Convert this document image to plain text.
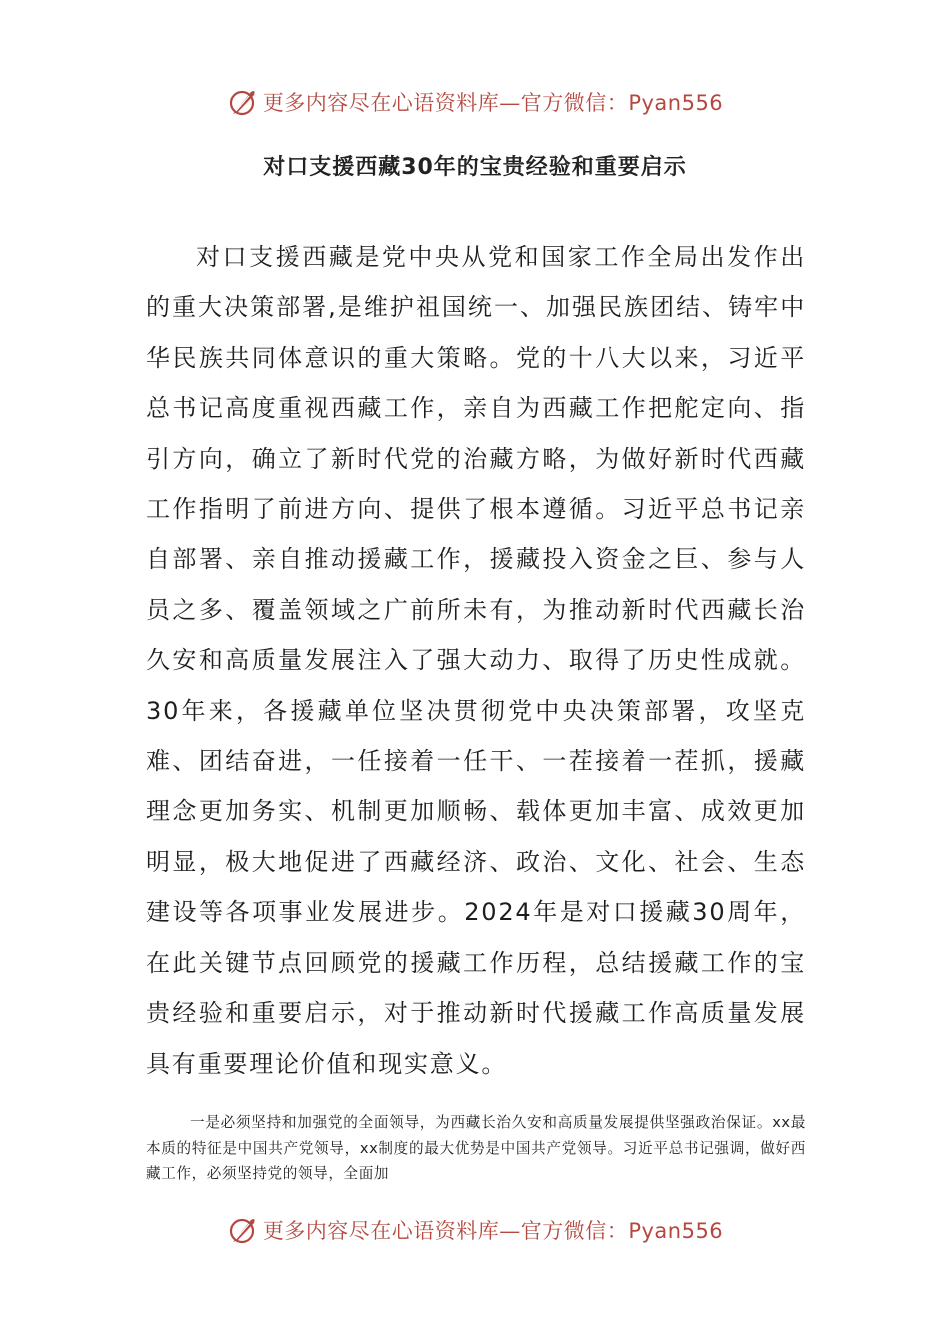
更多内容尽在心语资料库—官方微信：Pyan556
对口支援西藏30年的宝贵经验和重要启示

对口支援西藏是党中央从党和国家工作全局出发作出的重大决策部署,是维护祖国统一、加强民族团结、铸牢中华民族共同体意识的重大策略。党的十八大以来，习近平总书记高度重视西藏工作，亲自为西藏工作把舵定向、指引方向，确立了新时代党的治藏方略，为做好新时代西藏工作指明了前进方向、提供了根本遵循。习近平总书记亲自部署、亲自推动援藏工作，援藏投入资金之巨、参与人员之多、覆盖领域之广前所未有，为推动新时代西藏长治久安和高质量发展注入了强大动力、取得了历史性成就。30年来，各援藏单位坚决贯彻党中央决策部署，攻坚克难、团结奋进，一任接着一任干、一茬接着一茬抓，援藏理念更加务实、机制更加顺畅、载体更加丰富、成效更加明显，极大地促进了西藏经济、政治、文化、社会、生态建设等各项事业发展进步。2024年是对口援藏30周年，在此关键节点回顾党的援藏工作历程，总结援藏工作的宝贵经验和重要启示，对于推动新时代援藏工作高质量发展具有重要理论价值和现实意义。

一是必须坚持和加强党的全面领导，为西藏长治久安和高质量发展提供坚强政治保证。xx最本质的特征是中国共产党领导，xx制度的最大优势是中国共产党领导。习近平总书记强调，做好西藏工作，必须坚持党的领导，全面加

更多内容尽在心语资料库—官方微信：Pyan556
